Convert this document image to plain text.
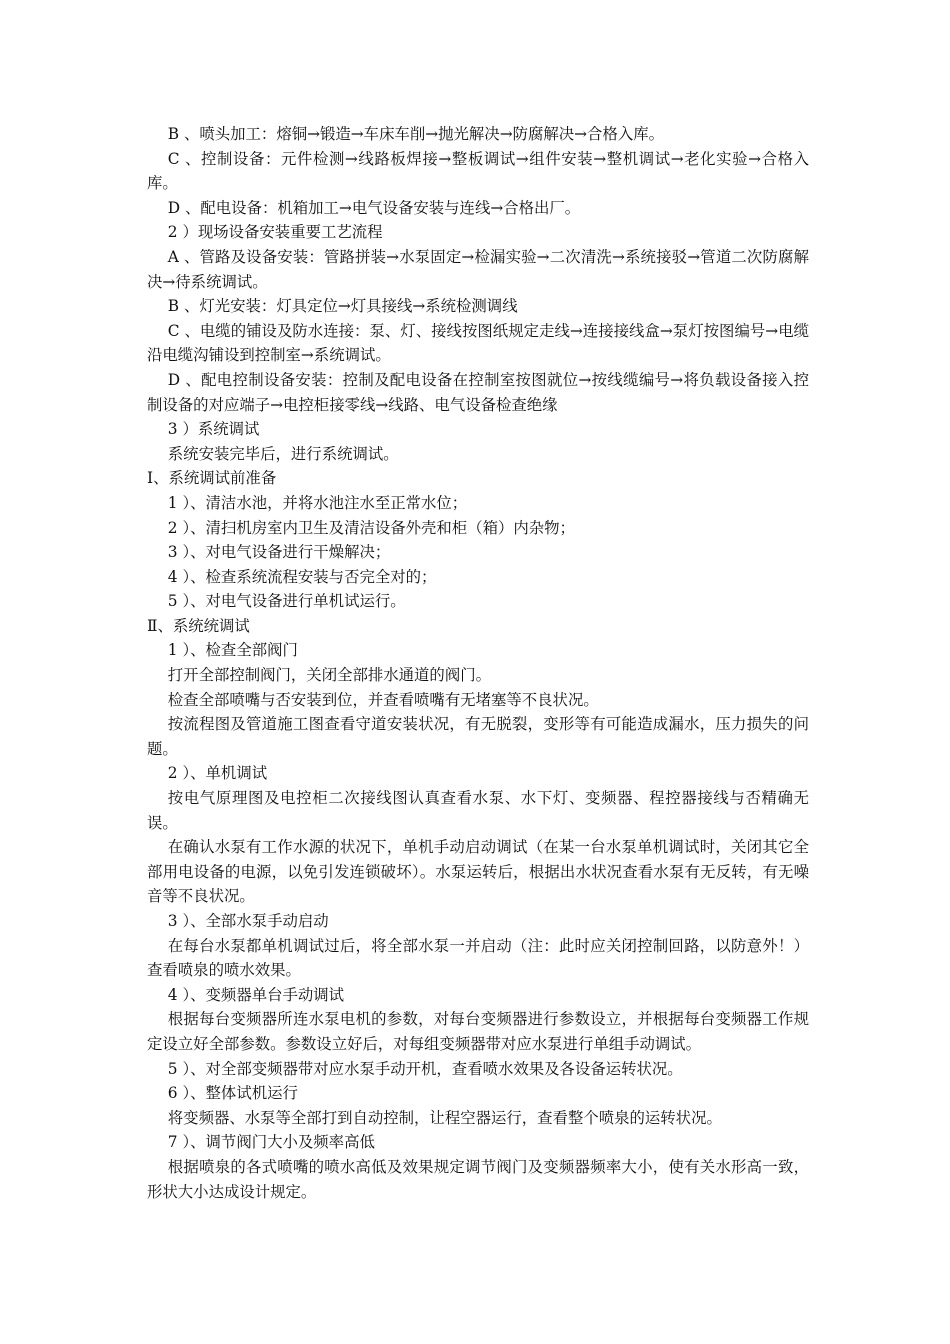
B 、喷头加工：熔铜→锻造→车床车削→抛光解决→防腐解决→合格入库。

C 、控制设备：元件检测→线路板焊接→整板调试→组件安装→整机调试→老化实验→合格入库。

D 、配电设备：机箱加工→电气设备安装与连线→合格出厂。

2 ）现场设备安装重要工艺流程

A 、管路及设备安装：管路拼装→水泵固定→检漏实验→二次清洗→系统接驳→管道二次防腐解决→待系统调试。

B 、灯光安装：灯具定位→灯具接线→系统检测调线

C 、电缆的铺设及防水连接：泵、灯、接线按图纸规定走线→连接接线盒→泵灯按图编号→电缆沿电缆沟铺设到控制室→系统调试。

D 、配电控制设备安装：控制及配电设备在控制室按图就位→按线缆编号→将负载设备接入控制设备的对应端子→电控柜接零线→线路、电气设备检查绝缘

3 ）系统调试

系统安装完毕后，进行系统调试。

Ⅰ、系统调试前准备

1 ）、清洁水池，并将水池注水至正常水位；

2 ）、清扫机房室内卫生及清洁设备外壳和柜（箱）内杂物；

3 ）、对电气设备进行干燥解决；

4 ）、检查系统流程安装与否完全对的；

5 ）、对电气设备进行单机试运行。

Ⅱ、系统统调试

1 ）、检查全部阀门

打开全部控制阀门，关闭全部排水通道的阀门。

检查全部喷嘴与否安装到位，并查看喷嘴有无堵塞等不良状况。

按流程图及管道施工图查看守道安装状况，有无脱裂，变形等有可能造成漏水，压力损失的问题。

2 ）、单机调试

按电气原理图及电控柜二次接线图认真查看水泵、水下灯、变频器、程控器接线与否精确无误。

在确认水泵有工作水源的状况下，单机手动启动调试（在某一台水泵单机调试时，关闭其它全部用电设备的电源，以免引发连锁破坏）。水泵运转后，根据出水状况查看水泵有无反转，有无噪音等不良状况。

3 ）、全部水泵手动启动

在每台水泵都单机调试过后，将全部水泵一并启动（注：此时应关闭控制回路，以防意外！）查看喷泉的喷水效果。

4 ）、变频器单台手动调试

根据每台变频器所连水泵电机的参数，对每台变频器进行参数设立，并根据每台变频器工作规定设立好全部参数。参数设立好后，对每组变频器带对应水泵进行单组手动调试。

5 ）、对全部变频器带对应水泵手动开机，查看喷水效果及各设备运转状况。

6 ）、整体试机运行

将变频器、水泵等全部打到自动控制，让程空器运行，查看整个喷泉的运转状况。

7 ）、调节阀门大小及频率高低

根据喷泉的各式喷嘴的喷水高低及效果规定调节阀门及变频器频率大小，使有关水形高一致，形状大小达成设计规定。
